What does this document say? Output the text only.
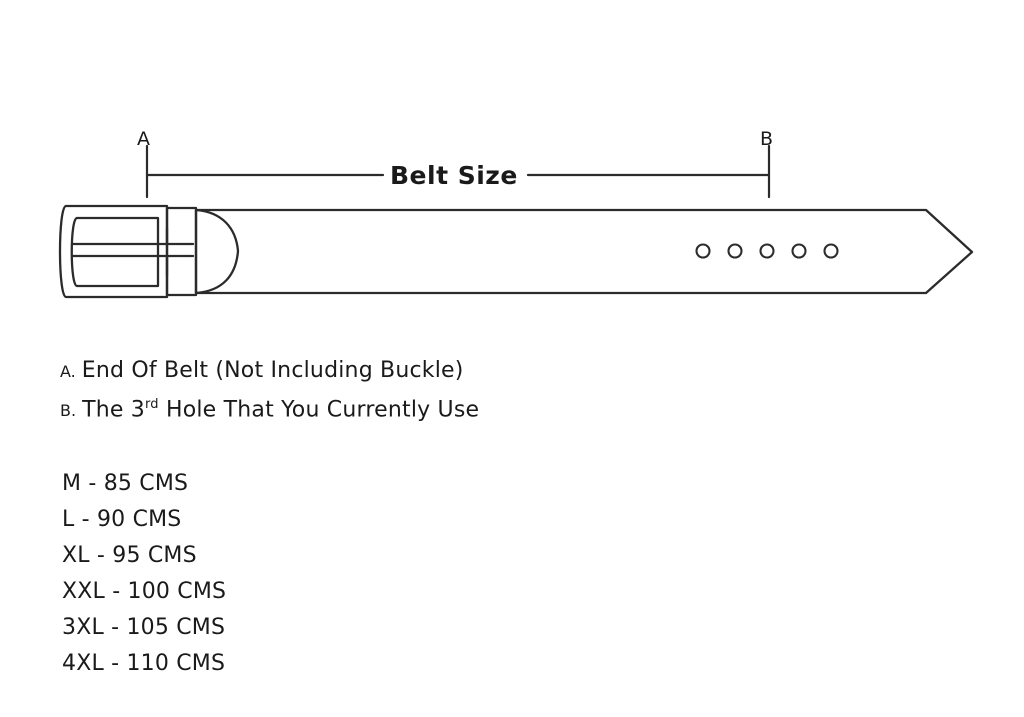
A	B
Belt Size
A. End Of Belt (Not Including Buckle)
B. The 3rd Hole That You Currently Use
M - 85 CMS
L - 90 CMS
XL - 95 CMS
XXL - 100 CMS
3XL - 105 CMS
4XL - 110 CMS
